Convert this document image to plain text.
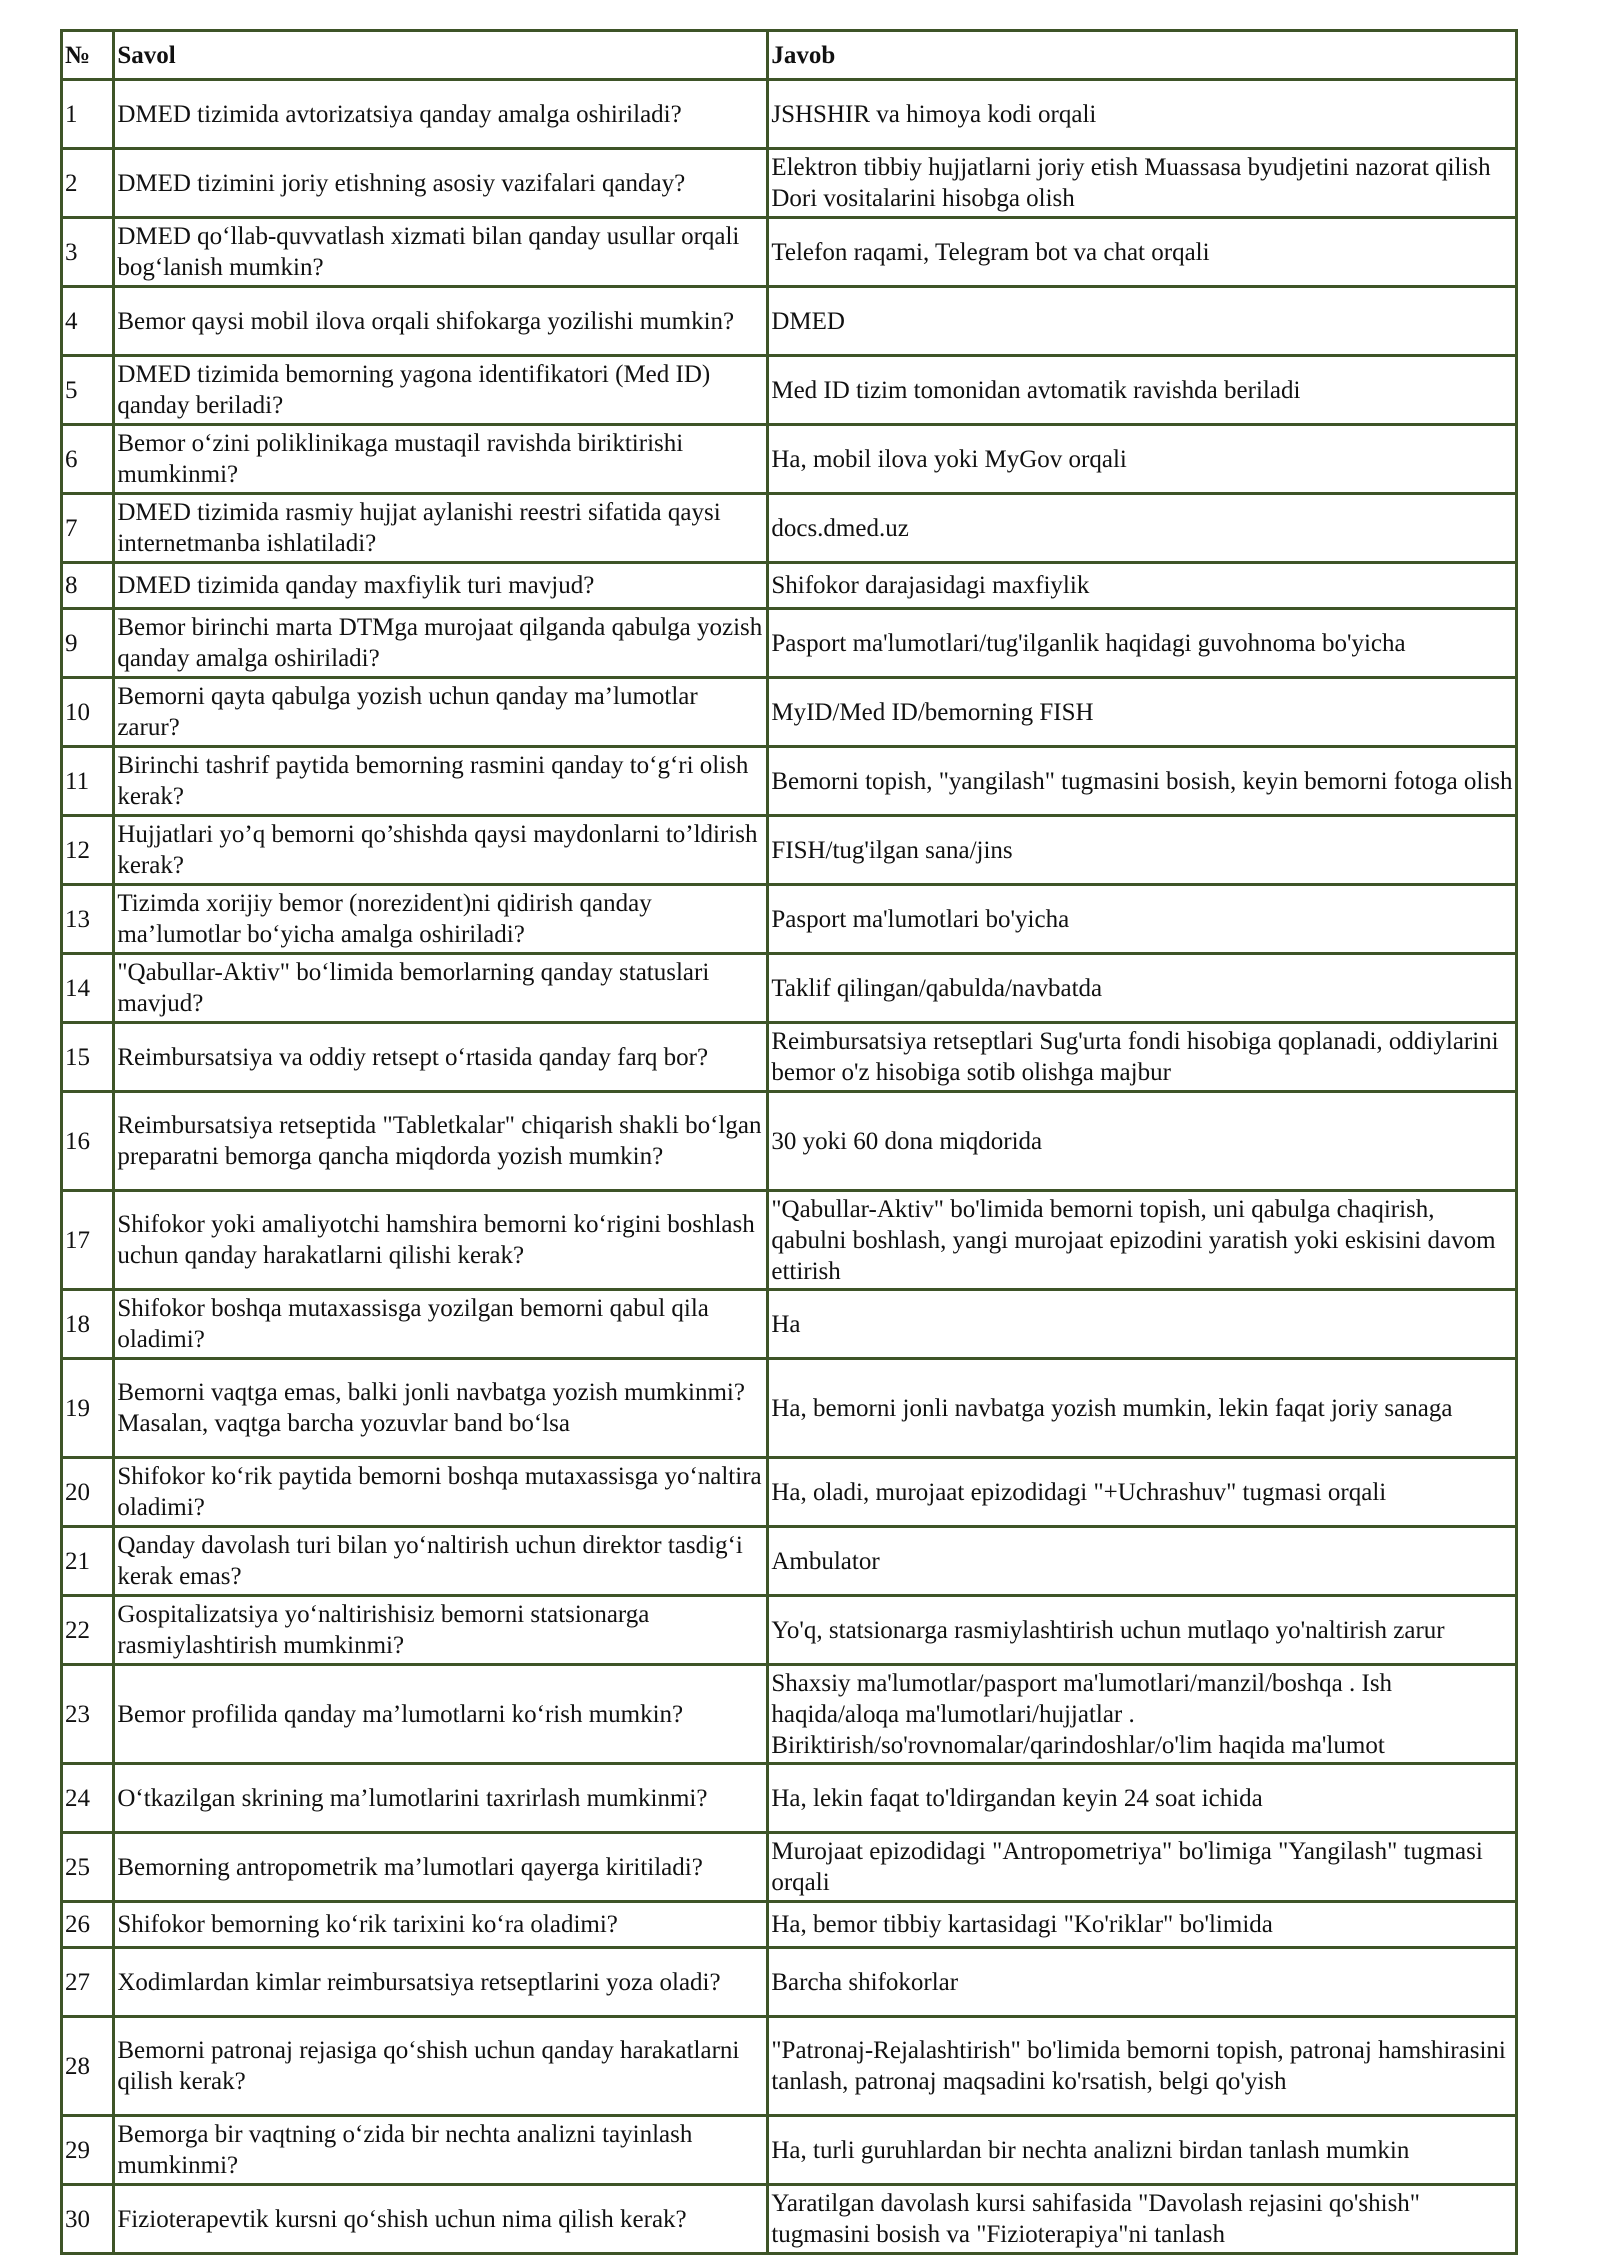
№	Savol	Javob
1	DMED tizimida avtorizatsiya qanday amalga oshiriladi?	JSHSHIR va himoya kodi orqali
2	DMED tizimini joriy etishning asosiy vazifalari qanday?	Elektron tibbiy hujjatlarni joriy etish Muassasa byudjetini nazorat qilish Dori vositalarini hisobga olish
3	DMED qo‘llab-quvvatlash xizmati bilan qanday usullar orqali bog‘lanish mumkin?	Telefon raqami, Telegram bot va chat orqali
4	Bemor qaysi mobil ilova orqali shifokarga yozilishi mumkin?	DMED
5	DMED tizimida bemorning yagona identifikatori (Med ID) qanday beriladi?	Med ID tizim tomonidan avtomatik ravishda beriladi
6	Bemor o‘zini poliklinikaga mustaqil ravishda biriktirishi mumkinmi?	Ha, mobil ilova yoki MyGov orqali
7	DMED tizimida rasmiy hujjat aylanishi reestri sifatida qaysi internetmanba ishlatiladi?	docs.dmed.uz
8	DMED tizimida qanday maxfiylik turi mavjud?	Shifokor darajasidagi maxfiylik
9	Bemor birinchi marta DTMga murojaat qilganda qabulga yozish qanday amalga oshiriladi?	Pasport ma'lumotlari/tug'ilganlik haqidagi guvohnoma bo'yicha
10	Bemorni qayta qabulga yozish uchun qanday ma’lumotlar zarur?	MyID/Med ID/bemorning FISH
11	Birinchi tashrif paytida bemorning rasmini qanday to‘g‘ri olish kerak?	Bemorni topish, "yangilash" tugmasini bosish, keyin bemorni fotoga olish
12	Hujjatlari yo’q bemorni qo’shishda qaysi maydonlarni to’ldirish kerak?	FISH/tug'ilgan sana/jins
13	Tizimda xorijiy bemor (norezident)ni qidirish qanday ma’lumotlar bo‘yicha amalga oshiriladi?	Pasport ma'lumotlari bo'yicha
14	"Qabullar-Aktiv" bo‘limida bemorlarning qanday statuslari mavjud?	Taklif qilingan/qabulda/navbatda
15	Reimbursatsiya va oddiy retsept o‘rtasida qanday farq bor?	Reimbursatsiya retseptlari Sug'urta fondi hisobiga qoplanadi, oddiylarini bemor o'z hisobiga sotib olishga majbur
16	Reimbursatsiya retseptida "Tabletkalar" chiqarish shakli bo‘lgan preparatni bemorga qancha miqdorda yozish mumkin?	30 yoki 60 dona miqdorida
17	Shifokor yoki amaliyotchi hamshira bemorni ko‘rigini boshlash uchun qanday harakatlarni qilishi kerak?	"Qabullar-Aktiv" bo'limida bemorni topish, uni qabulga chaqirish, qabulni boshlash, yangi murojaat epizodini yaratish yoki eskisini davom ettirish
18	Shifokor boshqa mutaxassisga yozilgan bemorni qabul qila oladimi?	Ha
19	Bemorni vaqtga emas, balki jonli navbatga yozish mumkinmi? Masalan, vaqtga barcha yozuvlar band bo‘lsa	Ha, bemorni jonli navbatga yozish mumkin, lekin faqat joriy sanaga
20	Shifokor ko‘rik paytida bemorni boshqa mutaxassisga yo‘naltira oladimi?	Ha, oladi, murojaat epizodidagi "+Uchrashuv" tugmasi orqali
21	Qanday davolash turi bilan yo‘naltirish uchun direktor tasdig‘i kerak emas?	Ambulator
22	Gospitalizatsiya yo‘naltirishisiz bemorni statsionarga rasmiylashtirish mumkinmi?	Yo'q, statsionarga rasmiylashtirish uchun mutlaqo yo'naltirish zarur
23	Bemor profilida qanday ma’lumotlarni ko‘rish mumkin?	Shaxsiy ma'lumotlar/pasport ma'lumotlari/manzil/boshqa . Ish haqida/aloqa ma'lumotlari/hujjatlar . Biriktirish/so'rovnomalar/qarindoshlar/o'lim haqida ma'lumot
24	O‘tkazilgan skrining ma’lumotlarini taxrirlash mumkinmi?	Ha, lekin faqat to'ldirgandan keyin 24 soat ichida
25	Bemorning antropometrik ma’lumotlari qayerga kiritiladi?	Murojaat epizodidagi "Antropometriya" bo'limiga "Yangilash" tugmasi orqali
26	Shifokor bemorning ko‘rik tarixini ko‘ra oladimi?	Ha, bemor tibbiy kartasidagi "Ko'riklar" bo'limida
27	Xodimlardan kimlar reimbursatsiya retseptlarini yoza oladi?	Barcha shifokorlar
28	Bemorni patronaj rejasiga qo‘shish uchun qanday harakatlarni qilish kerak?	"Patronaj-Rejalashtirish" bo'limida bemorni topish, patronaj hamshirasini tanlash, patronaj maqsadini ko'rsatish, belgi qo'yish
29	Bemorga bir vaqtning o‘zida bir nechta analizni tayinlash mumkinmi?	Ha, turli guruhlardan bir nechta analizni birdan tanlash mumkin
30	Fizioterapevtik kursni qo‘shish uchun nima qilish kerak?	Yaratilgan davolash kursi sahifasida "Davolash rejasini qo'shish" tugmasini bosish va "Fizioterapiya"ni tanlash
